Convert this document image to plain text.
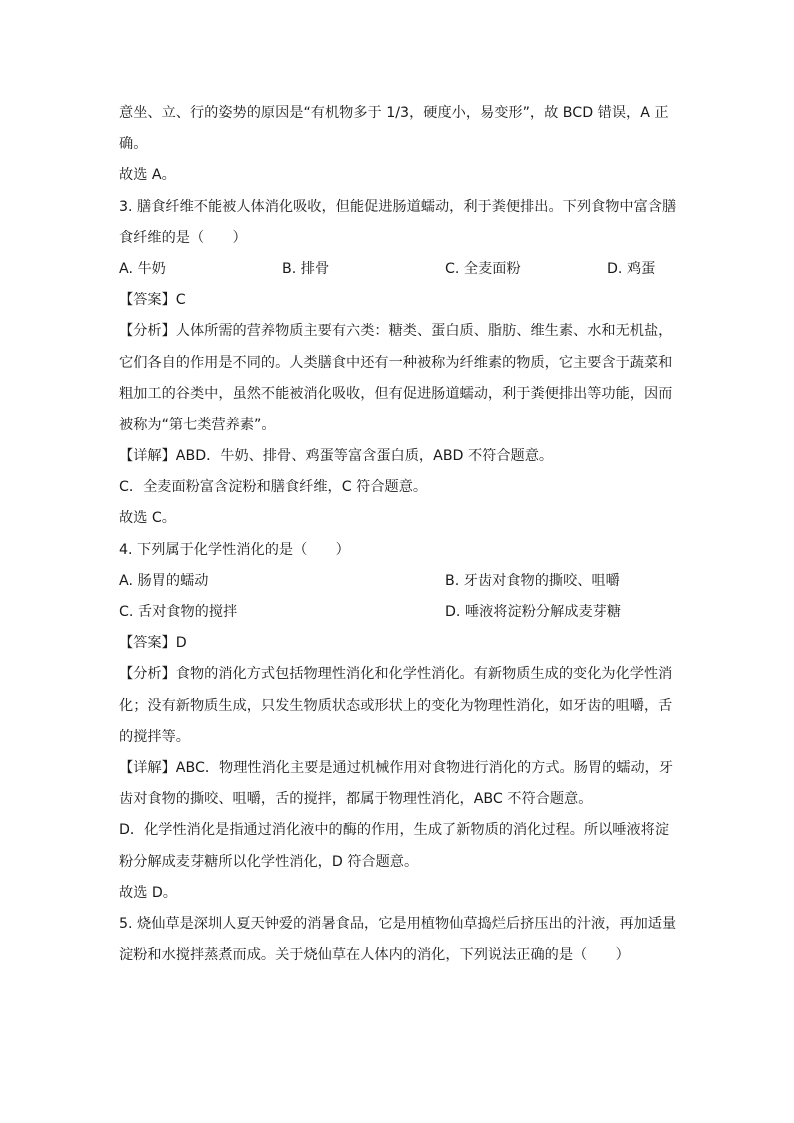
意坐、立、行的姿势的原因是“有机物多于 1/3，硬度小，易变形”，故 BCD 错误，A 正
确。
故选 A。
3. 膳食纤维不能被人体消化吸收，但能促进肠道蠕动，利于粪便排出。下列食物中富含膳
食纤维的是（　　）
A. 牛奶	B. 排骨	C. 全麦面粉	D. 鸡蛋
【答案】C
【分析】人体所需的营养物质主要有六类：糖类、蛋白质、脂肪、维生素、水和无机盐，
它们各自的作用是不同的。人类膳食中还有一种被称为纤维素的物质，它主要含于蔬菜和
粗加工的谷类中，虽然不能被消化吸收，但有促进肠道蠕动，利于粪便排出等功能，因而
被称为“第七类营养素”。
【详解】ABD．牛奶、排骨、鸡蛋等富含蛋白质，ABD 不符合题意。
C．全麦面粉富含淀粉和膳食纤维，C 符合题意。
故选 C。
4. 下列属于化学性消化的是（　　）
A. 肠胃的蠕动	B. 牙齿对食物的撕咬、咀嚼
C. 舌对食物的搅拌	D. 唾液将淀粉分解成麦芽糖
【答案】D
【分析】食物的消化方式包括物理性消化和化学性消化。有新物质生成的变化为化学性消
化；没有新物质生成，只发生物质状态或形状上的变化为物理性消化，如牙齿的咀嚼，舌
的搅拌等。
【详解】ABC．物理性消化主要是通过机械作用对食物进行消化的方式。肠胃的蠕动，牙
齿对食物的撕咬、咀嚼，舌的搅拌，都属于物理性消化，ABC 不符合题意。
D．化学性消化是指通过消化液中的酶的作用，生成了新物质的消化过程。所以唾液将淀
粉分解成麦芽糖所以化学性消化，D 符合题意。
故选 D。
5. 烧仙草是深圳人夏天钟爱的消暑食品，它是用植物仙草捣烂后挤压出的汁液，再加适量
淀粉和水搅拌蒸煮而成。关于烧仙草在人体内的消化，下列说法正确的是（　　）
